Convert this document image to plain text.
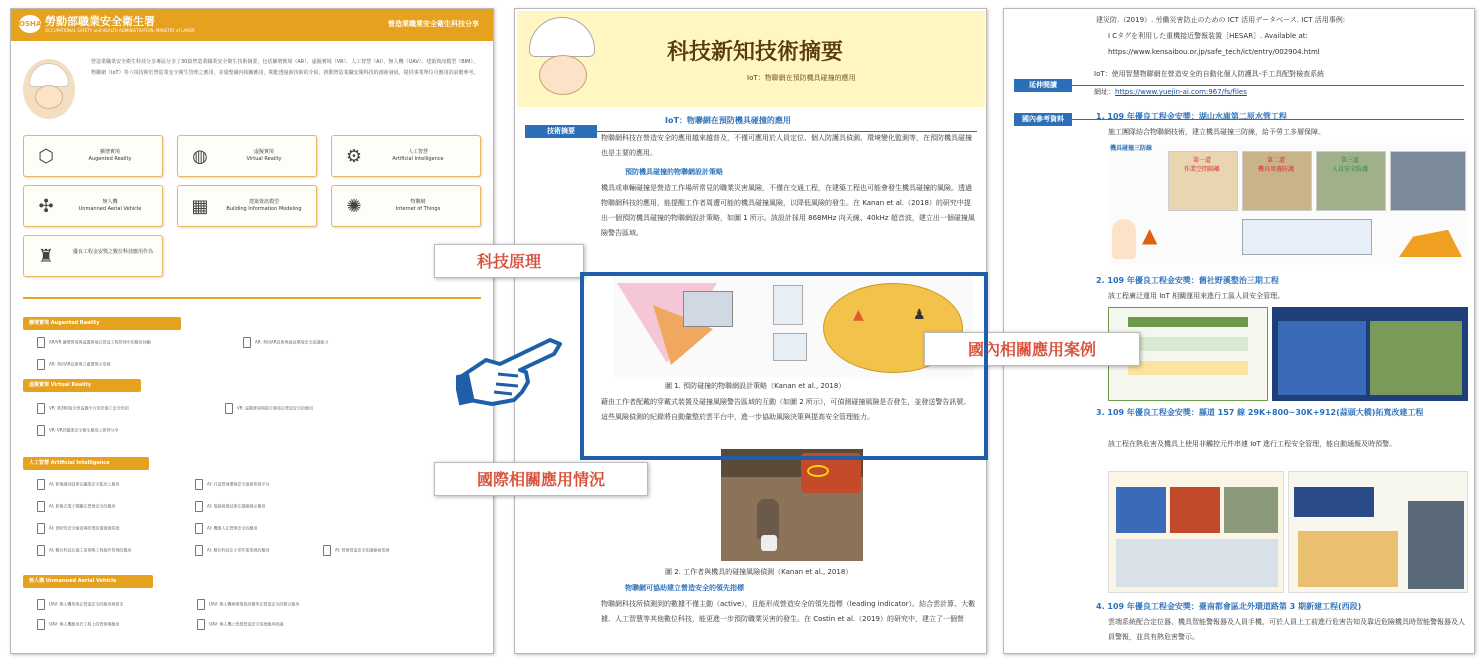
OSHA 勞動部職業安全衛生署
OCCUPATIONAL SAFETY and HEALTH ADMINISTRATION, MINISTRY of LABOR
營造業職業安全衛生科技分享
營造業職業安全衛生科技分享專區分享了30篇營造業職業安全衛生技術摘要，包括擴增實境（AR）、虛擬實境（VR）、人工智慧（AI）、無人機（UAV）、建築資訊模型（BIM）、物聯網（IoT）等六項技術於營造業安全衛生管理之應用，並彙整國內相關應用，期能透過新技術的介紹，推動營造業職安衛科技的創新發展，提供事業單位可應用的前瞻參考。
⬡	擴增實境
Augented Reality	◍	虛擬實境
Virtual Reality	⚙	人工智慧
Artificial Intelligence
✣	無人機
Unmanned Aerial Vehicle	▦	建築資訊模型
Building Information Modeling	✺	物聯網
Internet of Things
♜	優良工程金安獎之數位科技應用作為
擴增實境 Augented Reality
AR/VR 擴增實境與虛擬實境在營造工程管理中的應用回顧	AR: 利用AR技術與提高環境安全意識能力
AR: 利用AR技術建立處置警示系統
虛擬實境 Virtual Reality
VR: 將360度全景虛擬平台用於施工安全培訓	VR: 虛擬實境與混合實境在營造安全的應用
VR: VR於職業安全衛生應用之實例分享
人工智慧 Artificial Intelligence
AI: 影像識別技術在職業安全監控之應用	AI: 打造營地環境安全偵測系統平台
AI: 影像式電子圍籬在營建安全的應用	AI: 電腦視覺技術在風險揭示應用
AI: 即時性安全檢查與防墜設備偵測系統	AI: 機器人在營建安全的應用
AI: 數位科技在施工前期與工程施作管理的應用	AI: 數位科技在小型作業系統的應用	AI: 營建營造安全知識檢索系統
無人機 Unmanned Aerial Vehicle
UAV: 無人機系統在營造安全的應用與要求	UAV: 無人機與建築資訊模型在營造安全的整合應用
UAV: 無人機應用於工程上的營建與應用	UAV: 無人機之智慧營造安全系統應用研議
科技新知技術摘要
IoT：物聯網在預防機具碰撞的應用
技術摘要
IoT：物聯網在預防機具碰撞的應用
物聯網科技在營造安全的應用越來越普及，不僅可應用於人員定位、個人防護具偵測、環境變化監測等，在預防機具碰撞也是主要的應用。
預防機具碰撞的物聯網設計策略
機具或車輛碰撞是營造工作場所常見的職業災害風險，不僅在交通工程，在建築工程也可能會發生機具碰撞的風險。透過物聯網科技的應用，能提醒工作者周遭可能的機具碰撞風險，以降低風險的發生。在 Kanan et al.（2018）的研究中提出一個預防機具碰撞的物聯網設計策略，如圖 1 所示。該設計採用 868MHz 向天線、40kHz 超音波，建立出一個碰撞風險警告區域。
▲	♟
圖 1. 預防碰撞的物聯網設計策略（Kanan et al., 2018）
藉由工作者配戴的穿戴式裝置及碰撞風險警告區域的互動（如圖 2 所示），可偵測碰撞風險是否發生，並發送警告訊號。這些風險偵測的紀錄將自動彙整於雲平台中，進一步協助風險決策與提高安全管理能力。
圖 2. 工作者與機具的碰撞風險偵測（Kanan et al., 2018）
物聯網可協助建立營造安全的領先指標
物聯網科技所偵測到的數據不僅主動（active），且能形成營造安全的領先指標（leading indicator）。結合雲計算、大數據、人工智慧等其他數位科技，能更進一步預防職業災害的發生。在 Costin et al.（2019）的研究中，建立了一個營
建災防.（2019）. 労働災害防止のための ICT 活用データベース. ICT 活用事例:
I Cタグを利用した重機接近警報装置［HESAR］. Available at:
https://www.kensaibou.or.jp/safe_tech/ict/entry/002904.html
延伸閱讀
IoT：使用智慧物聯網在營造安全的自動化個人防護具-手工具配對檢查系統
網址：https://www.yuejin-ai.com:967/fs/files
國內參考資料	1. 109 年優良工程金安獎：湖山水庫第二原水管工程
施工團隊結合物聯網技術，建立機具碰撞三防線，給予勞工多層保障。
機具碰撞三防線
第一道
作業空間隔離
第二道
機具周邊防護
第三道
人員安全防護
▲
2. 109 年優良工程金安獎：舊社野溪整治三期工程
該工程廣泛運用 IoT 相關運用來進行工區人員安全管理。
3. 109 年優良工程金安獎：縣道 157 線 29K+800~30K+912(蒜頭大橋)拓寬改建工程
該工程在熱危害及機具上使用非觸控元件串連 IoT 進行工程安全管理，能自動通報及時預警。
4. 109 年優良工程金安獎：臺南都會區北外環道路第 3 期新建工程(西段)
雲端系統配合定位器、機具智能警報器及人員手機，可於人員上工前進行危害告知及靠近危險機具時智能警報器及人員警報，並具有熱危害警示。
科技原理
國際相關應用情況
國內相關應用案例
